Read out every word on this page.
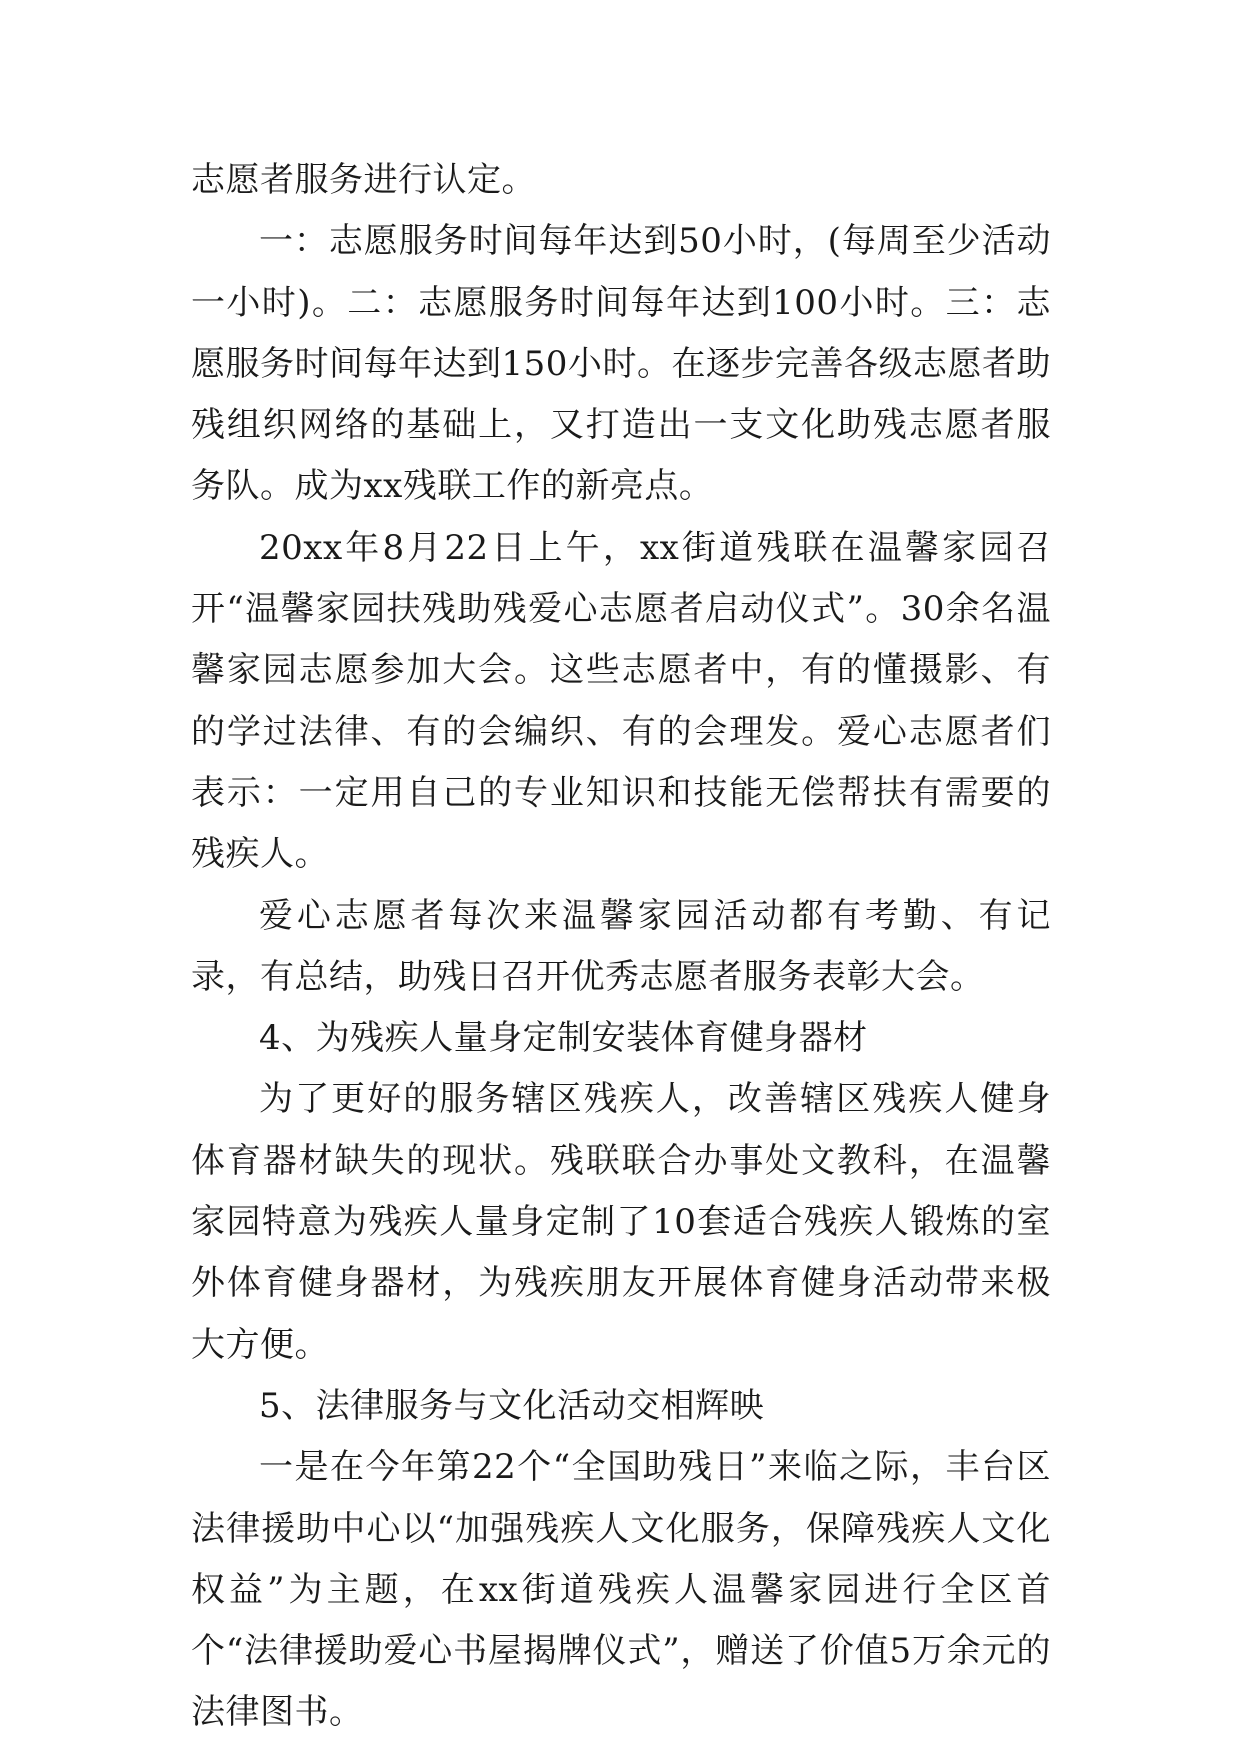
志愿者服务进行认定。

一：志愿服务时间每年达到50小时，(每周至少活动一小时)。二：志愿服务时间每年达到100小时。三：志愿服务时间每年达到150小时。在逐步完善各级志愿者助残组织网络的基础上，又打造出一支文化助残志愿者服务队。成为xx残联工作的新亮点。

20xx年8月22日上午，xx街道残联在温馨家园召开“温馨家园扶残助残爱心志愿者启动仪式”。30余名温馨家园志愿参加大会。这些志愿者中，有的懂摄影、有的学过法律、有的会编织、有的会理发。爱心志愿者们表示：一定用自己的专业知识和技能无偿帮扶有需要的残疾人。

爱心志愿者每次来温馨家园活动都有考勤、有记录，有总结，助残日召开优秀志愿者服务表彰大会。

4、为残疾人量身定制安装体育健身器材

为了更好的服务辖区残疾人，改善辖区残疾人健身体育器材缺失的现状。残联联合办事处文教科，在温馨家园特意为残疾人量身定制了10套适合残疾人锻炼的室外体育健身器材，为残疾朋友开展体育健身活动带来极大方便。

5、法律服务与文化活动交相辉映

一是在今年第22个“全国助残日”来临之际，丰台区法律援助中心以“加强残疾人文化服务，保障残疾人文化权益”为主题，在xx街道残疾人温馨家园进行全区首个“法律援助爱心书屋揭牌仪式”，赠送了价值5万余元的法律图书。
